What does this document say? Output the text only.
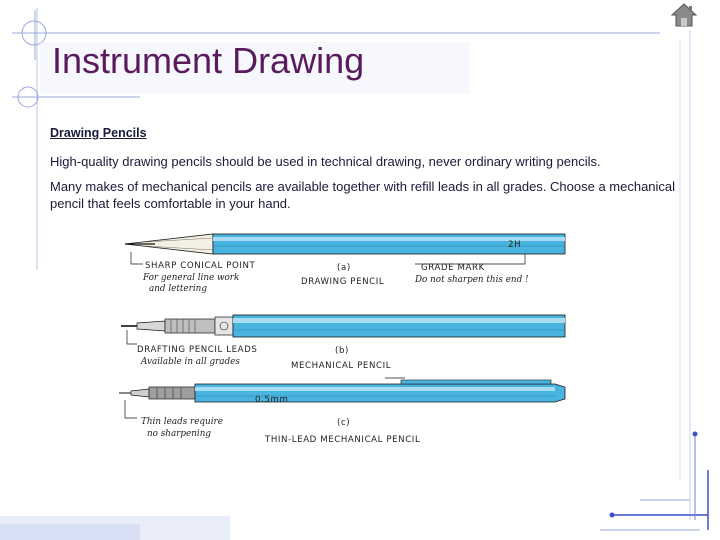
Instrument Drawing
Drawing Pencils
High-quality drawing pencils should be used in technical drawing, never ordinary writing pencils.
Many makes of mechanical pencils are available together with refill leads in all grades. Choose a mechanical pencil that feels comfortable in your hand.
2H
SHARP CONICAL POINT
For general line work
and lettering
(a)
DRAWING PENCIL
GRADE MARK
Do not sharpen this end !
DRAFTING PENCIL LEADS
Available in all grades
(b)
MECHANICAL PENCIL
0.5mm
Thin leads require
no sharpening
(c)
THIN-LEAD MECHANICAL PENCIL
